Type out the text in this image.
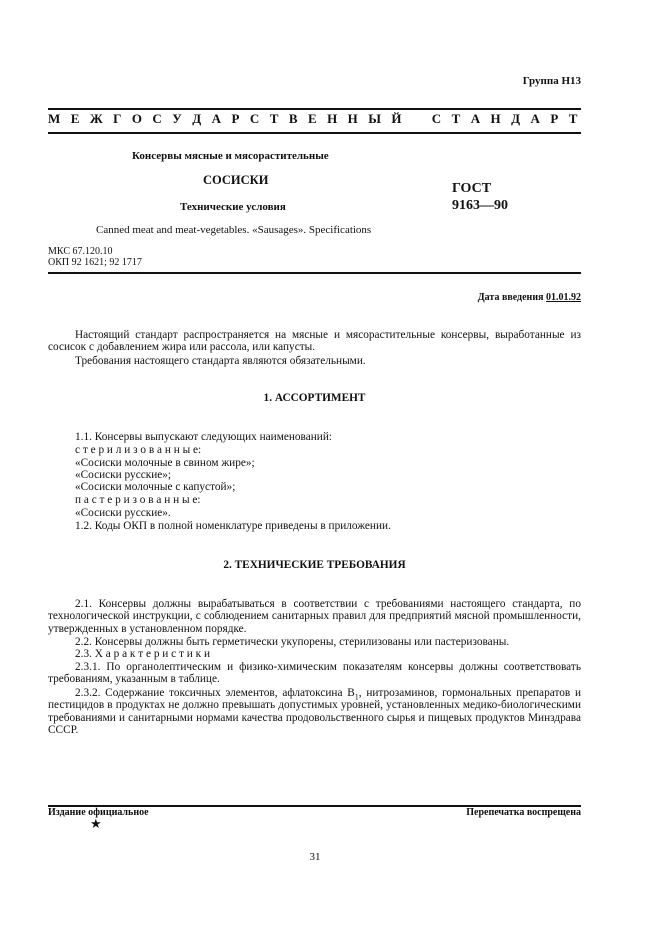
Группа Н13
М Е Ж Г О С У Д А Р С Т В Е Н Н Ы Й С Т А Н Д А Р Т
Консервы мясные и мясорастительные
СОСИСКИ
Технические условия
ГОСТ
9163—90
Canned meat and meat-vegetables. «Sausages». Specifications
МКС 67.120.10
ОКП 92 1621; 92 1717
Дата введения 01.01.92
Настоящий стандарт распространяется на мясные и мясорастительные консервы, выработанные из сосисок с добавлением жира или рассола, или капусты.
Требования настоящего стандарта являются обязательными.
1. АССОРТИМЕНТ
1.1. Консервы выпускают следующих наименований:
с т е р и л и з о в а н н ы е:
«Сосиски молочные в свином жире»;
«Сосиски русские»;
«Сосиски молочные с капустой»;
п а с т е р и з о в а н н ы е:
«Сосиски русские».
1.2. Коды ОКП в полной номенклатуре приведены в приложении.
2. ТЕХНИЧЕСКИЕ ТРЕБОВАНИЯ
2.1. Консервы должны вырабатываться в соответствии с требованиями настоящего стандарта, по технологической инструкции, с соблюдением санитарных правил для предприятий мясной промышленности, утвержденных в установленном порядке.
2.2. Консервы должны быть герметически укупорены, стерилизованы или пастеризованы.
2.3. Х а р а к т е р и с т и к и
2.3.1. По органолептическим и физико-химическим показателям консервы должны соответствовать требованиям, указанным в таблице.
2.3.2. Содержание токсичных элементов, афлатоксина $B_1$, нитрозаминов, гормональных препаратов и пестицидов в продуктах не должно превышать допустимых уровней, установленных медико-биологическими требованиями и санитарными нормами качества продовольственного сырья и пищевых продуктов Минздрава СССР.
Издание официальное	Перепечатка воспрещена
★
31
